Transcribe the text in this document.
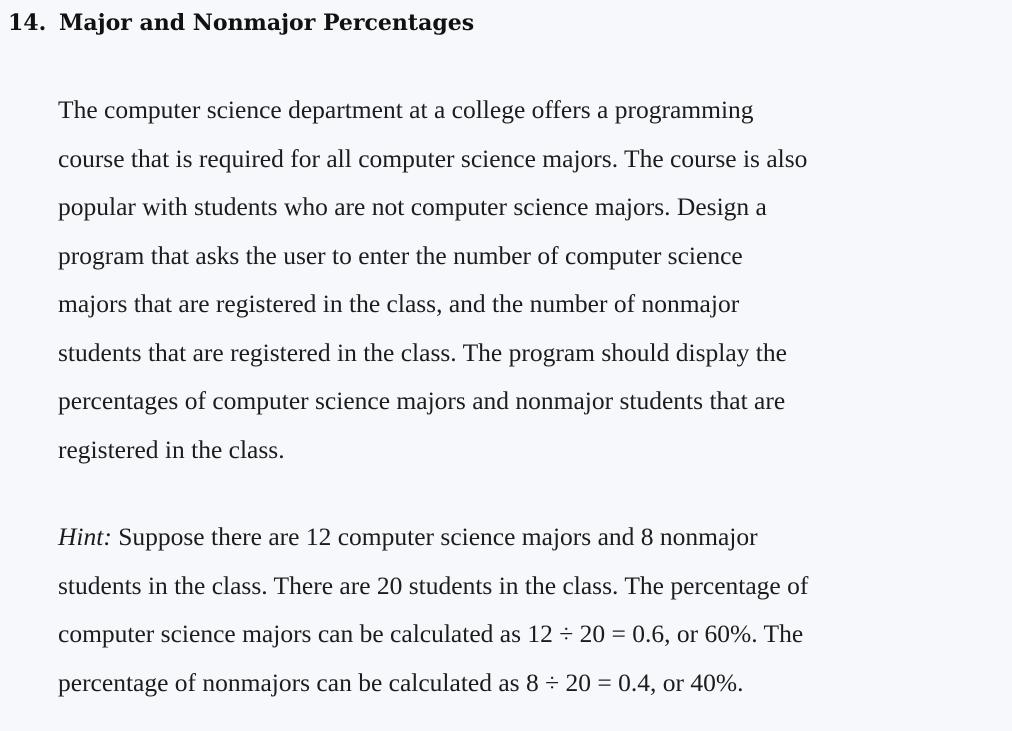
14. Major and Nonmajor Percentages

The computer science department at a college offers a programming
course that is required for all computer science majors. The course is also
popular with students who are not computer science majors. Design a
program that asks the user to enter the number of computer science
majors that are registered in the class, and the number of nonmajor
students that are registered in the class. The program should display the
percentages of computer science majors and nonmajor students that are
registered in the class.

Hint: Suppose there are 12 computer science majors and 8 nonmajor
students in the class. There are 20 students in the class. The percentage of
computer science majors can be calculated as 12 ÷ 20 = 0.6, or 60%. The
percentage of nonmajors can be calculated as 8 ÷ 20 = 0.4, or 40%.
